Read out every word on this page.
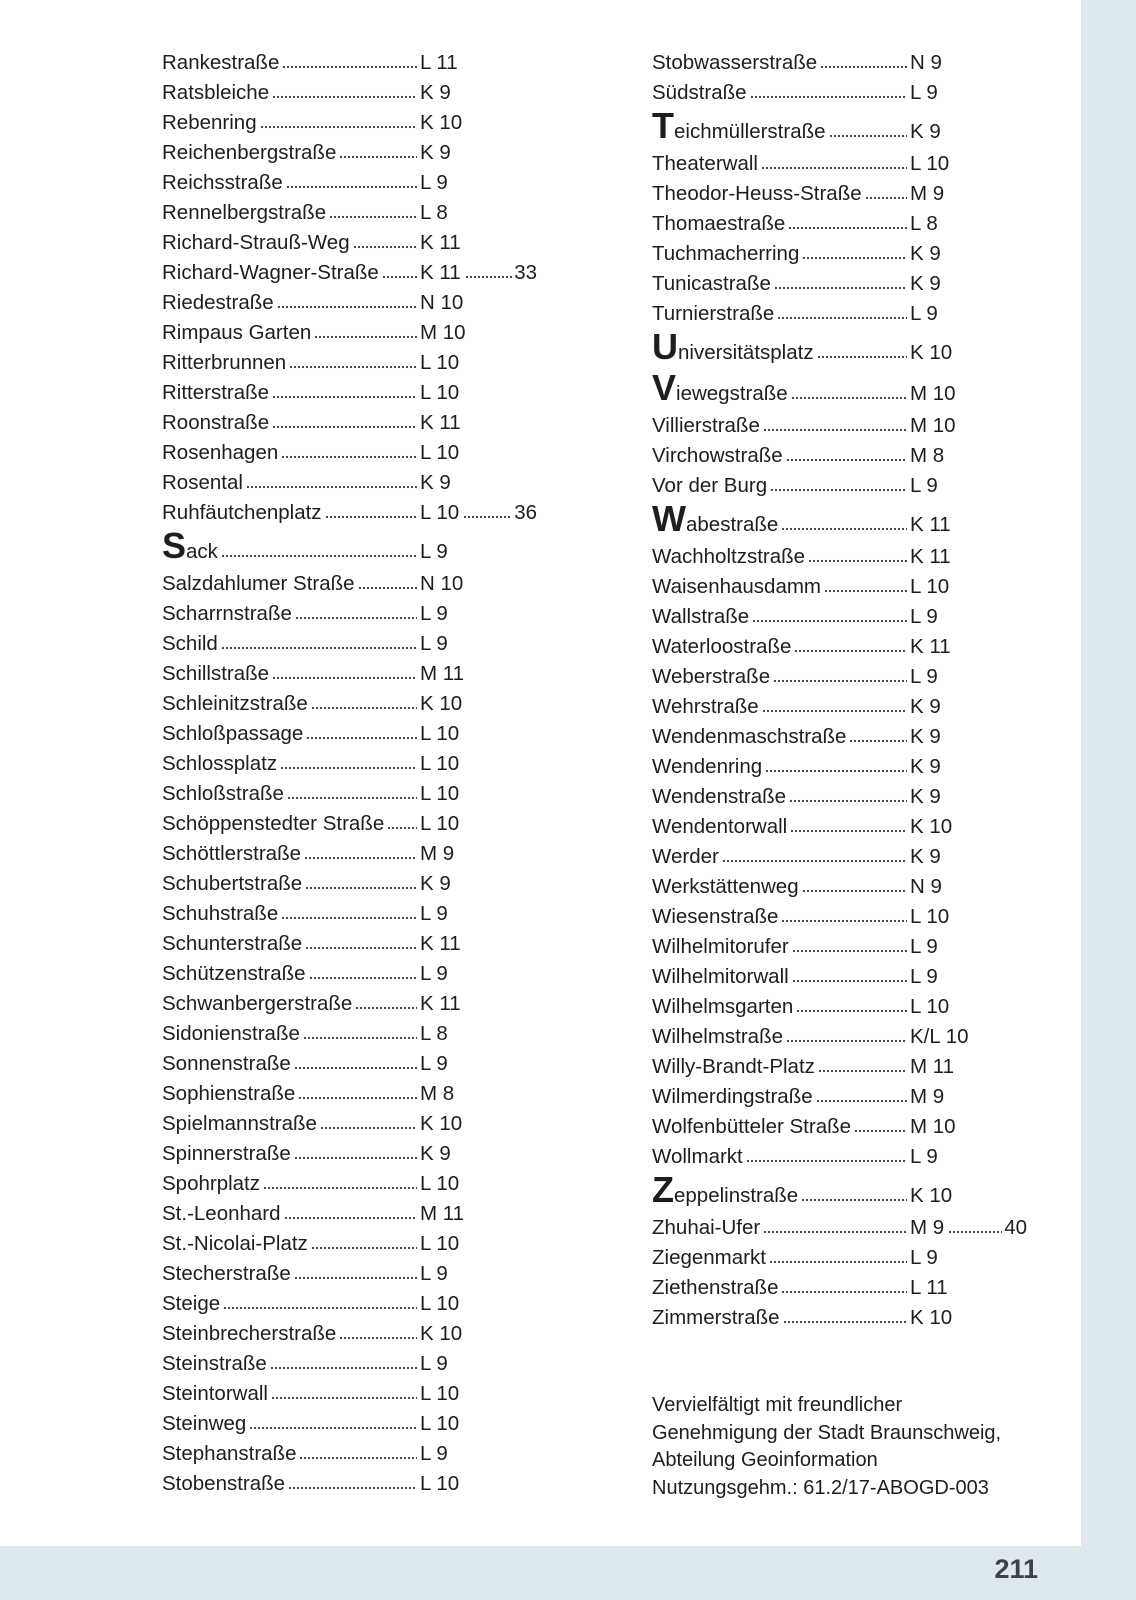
211
Rankestraße	L 11
Ratsbleiche	K 9
Rebenring	K 10
Reichenbergstraße	K 9
Reichsstraße	L 9
Rennelbergstraße	L 8
Richard-Strauß-Weg	K 11
Richard-Wagner-Straße K 11	33
Riedestraße	N 10
Rimpaus Garten	M 10
Ritterbrunnen	L 10
Ritterstraße	L 10
Roonstraße	K 11
Rosenhagen	L 10
Rosental	K 9
Ruhfäutchenplatz	L 10	36
Sack	L 9
Salzdahlumer Straße	N 10
Scharrnstraße	L 9
Schild	L 9
Schillstraße	M 11
Schleinitzstraße	K 10
Schloßpassage	L 10
Schlossplatz	L 10
Schloßstraße	L 10
Schöppenstedter Straße L 10
Schöttlerstraße	M 9
Schubertstraße	K 9
Schuhstraße	L 9
Schunterstraße	K 11
Schützenstraße	L 9
Schwanbergerstraße	K 11
Sidonienstraße	L 8
Sonnenstraße	L 9
Sophienstraße	M 8
Spielmannstraße	K 10
Spinnerstraße	K 9
Spohrplatz	L 10
St.-Leonhard	M 11
St.-Nicolai-Platz	L 10
Stecherstraße	L 9
Steige	L 10
Steinbrecherstraße	K 10
Steinstraße	L 9
Steintorwall	L 10
Steinweg	L 10
Stephanstraße	L 9
Stobenstraße	L 10
Stobwasserstraße	N 9
Südstraße	L 9
Teichmüllerstraße	K 9
Theaterwall	L 10
Theodor-Heuss-Straße M 9
Thomaestraße	L 8
Tuchmacherring	K 9
Tunicastraße	K 9
Turnierstraße	L 9
Universitätsplatz	K 10
Viewegstraße	M 10
Villierstraße	M 10
Virchowstraße	M 8
Vor der Burg	L 9
Wabestraße	K 11
Wachholtzstraße	K 11
Waisenhausdamm	L 10
Wallstraße	L 9
Waterloostraße	K 11
Weberstraße	L 9
Wehrstraße	K 9
Wendenmaschstraße	K 9
Wendenring	K 9
Wendenstraße	K 9
Wendentorwall	K 10
Werder	K 9
Werkstättenweg	N 9
Wiesenstraße	L 10
Wilhelmitorufer	L 9
Wilhelmitorwall	L 9
Wilhelmsgarten	L 10
Wilhelmstraße	K/L 10
Willy-Brandt-Platz	M 11
Wilmerdingstraße	M 9
Wolfenbütteler Straße	M 10
Wollmarkt	L 9
Zeppelinstraße	K 10
Zhuhai-Ufer	M 9	40
Ziegenmarkt	L 9
Ziethenstraße	L 11
Zimmerstraße	K 10
Vervielfältigt mit freundlicher
Genehmigung der Stadt Braunschweig,
Abteilung Geoinformation
Nutzungsgehm.: 61.2/17-ABOGD-003
